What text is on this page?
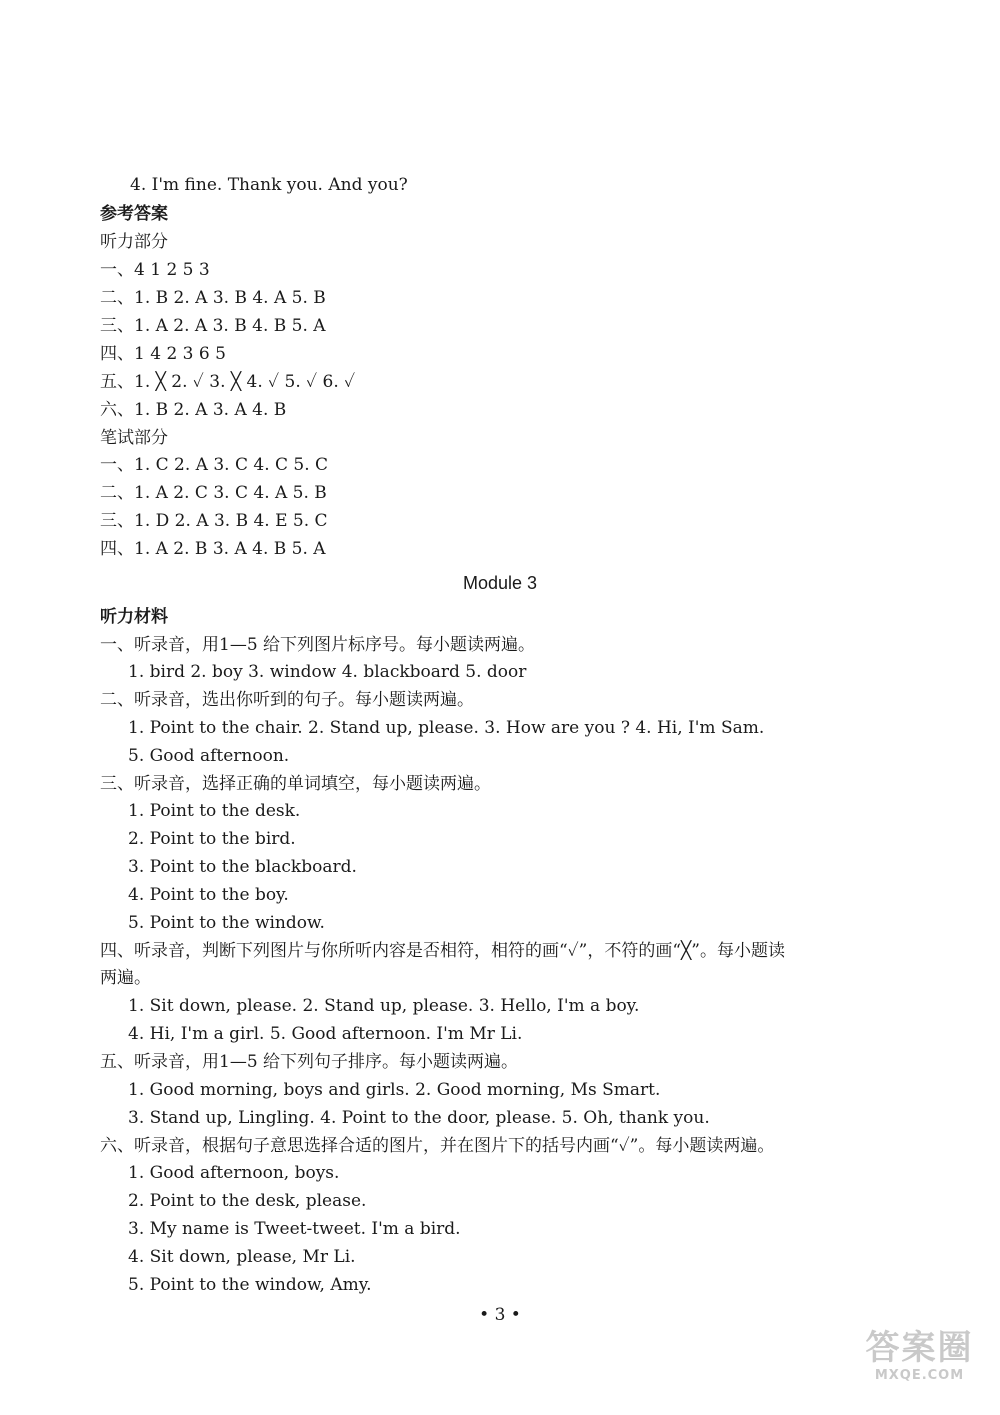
4. I'm fine. Thank you. And you?
参考答案
听力部分
一、4 1 2 5 3
二、1. B 2. A 3. B 4. A 5. B
三、1. A 2. A 3. B 4. B 5. A
四、1 4 2 3 6 5
五、1. ╳ 2. ✓ 3. ╳ 4. ✓ 5. ✓ 6. ✓
六、1. B 2. A 3. A 4. B
笔试部分
一、1. C 2. A 3. C 4. C 5. C
二、1. A 2. C 3. C 4. A 5. B
三、1. D 2. A 3. B 4. E 5. C
四、1. A 2. B 3. A 4. B 5. A
Module 3
听力材料
一、听录音，用1—5 给下列图片标序号。每小题读两遍。
1. bird 2. boy 3. window 4. blackboard 5. door
二、听录音，选出你听到的句子。每小题读两遍。
1. Point to the chair. 2. Stand up, please. 3. How are you ? 4. Hi, I'm Sam.
5. Good afternoon.
三、听录音，选择正确的单词填空，每小题读两遍。
1. Point to the desk.
2. Point to the bird.
3. Point to the blackboard.
4. Point to the boy.
5. Point to the window.
四、听录音，判断下列图片与你所听内容是否相符，相符的画“✓”，不符的画“╳”。每小题读
两遍。
1. Sit down, please. 2. Stand up, please. 3. Hello, I'm a boy.
4. Hi, I'm a girl. 5. Good afternoon. I'm Mr Li.
五、听录音，用1—5 给下列句子排序。每小题读两遍。
1. Good morning, boys and girls. 2. Good morning, Ms Smart.
3. Stand up, Lingling. 4. Point to the door, please. 5. Oh, thank you.
六、听录音，根据句子意思选择合适的图片，并在图片下的括号内画“✓”。每小题读两遍。
1. Good afternoon, boys.
2. Point to the desk, please.
3. My name is Tweet-tweet. I'm a bird.
4. Sit down, please, Mr Li.
5. Point to the window, Amy.
• 3 •
答案圈
MXQE.COM
